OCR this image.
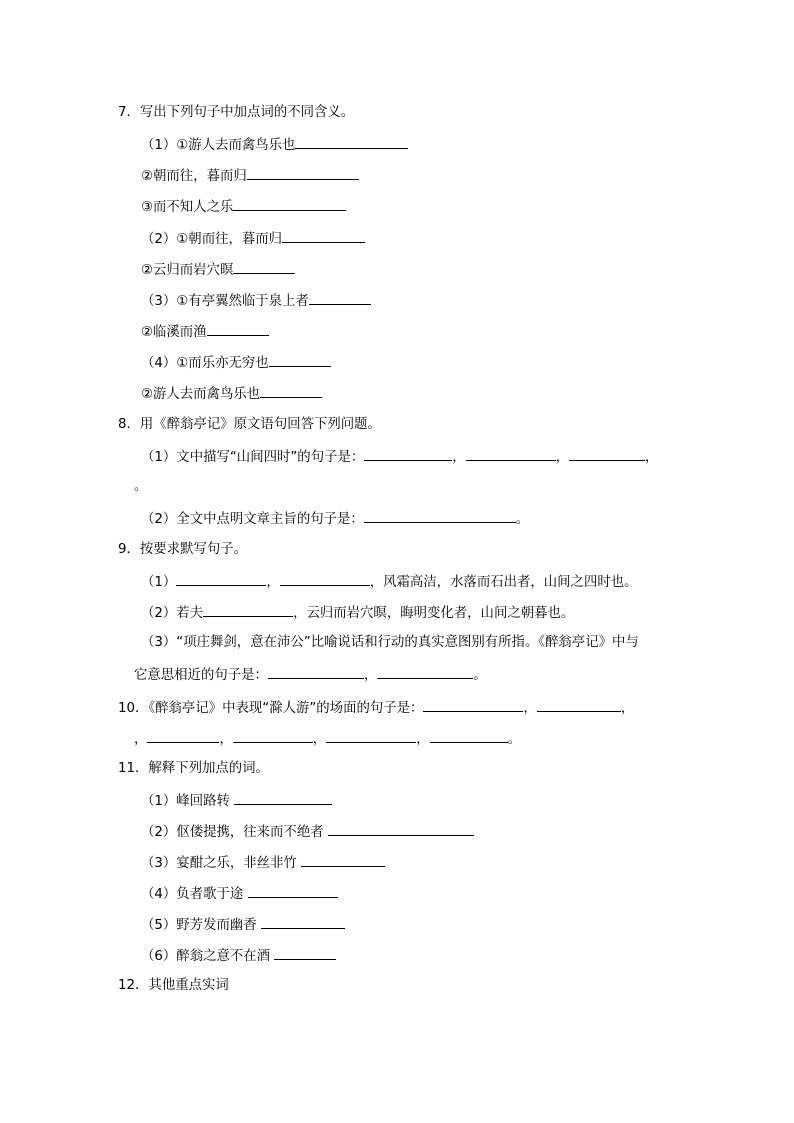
7．写出下列句子中加点词的不同含义。
（1）①游人去而禽鸟乐也
②朝而往，暮而归
③而不知人之乐
（2）①朝而往，暮而归
②云归而岩穴暝
（3）①有亭翼然临于泉上者
②临溪而渔
（4）①而乐亦无穷也
②游人去而禽鸟乐也
8．用《醉翁亭记》原文语句回答下列问题。
（1）文中描写“山间四时”的句子是：	，	，	，
。
（2）全文中点明文章主旨的句子是：	。
9．按要求默写句子。
（1）	，	，风霜高洁，水落而石出者，山间之四时也。
（2）若夫	，云归而岩穴暝，晦明变化者，山间之朝暮也。
（3）“项庄舞剑，意在沛公”比喻说话和行动的真实意图别有所指。《醉翁亭记》中与
它意思相近的句子是：	，	。
10．《醉翁亭记》中表现“滁人游”的场面的句子是：	，	，
，	，	，	，	。
11．解释下列加点的词。
（1）峰回路转
（2）伛偻提携，往来而不绝者
（3）宴酣之乐，非丝非竹
（4）负者歌于途
（5）野芳发而幽香
（6）醉翁之意不在酒
12．其他重点实词
